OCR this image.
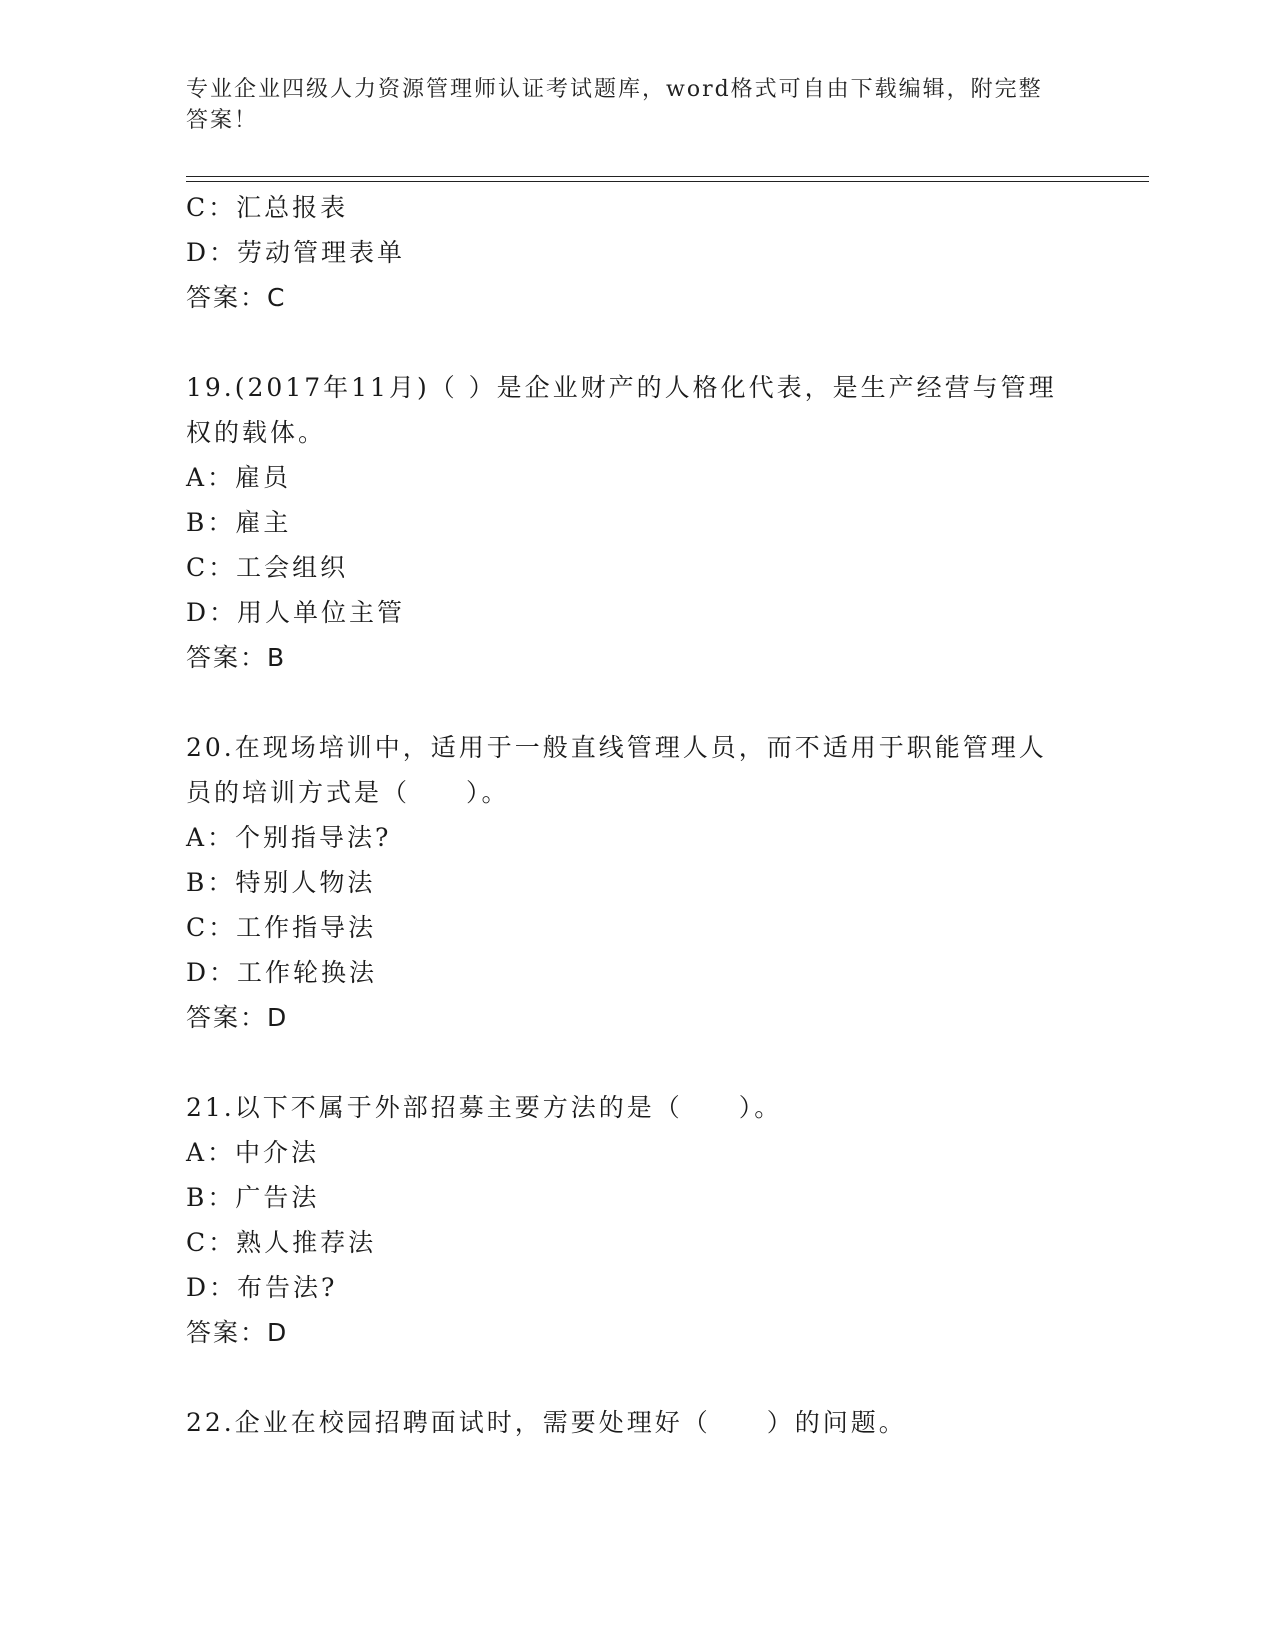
专业企业四级人力资源管理师认证考试题库，word格式可自由下载编辑，附完整
答案！
C：汇总报表
D：劳动管理表单
答案：C
19.(2017年11月)（ ）是企业财产的人格化代表，是生产经营与管理
权的载体。
A：雇员
B：雇主
C：工会组织
D：用人单位主管
答案：B
20.在现场培训中，适用于一般直线管理人员，而不适用于职能管理人
员的培训方式是（　　）。
A：个别指导法?
B：特别人物法
C：工作指导法
D：工作轮换法
答案：D
21.以下不属于外部招募主要方法的是（　　）。
A：中介法
B：广告法
C：熟人推荐法
D：布告法?
答案：D
22.企业在校园招聘面试时，需要处理好（　　）的问题。
